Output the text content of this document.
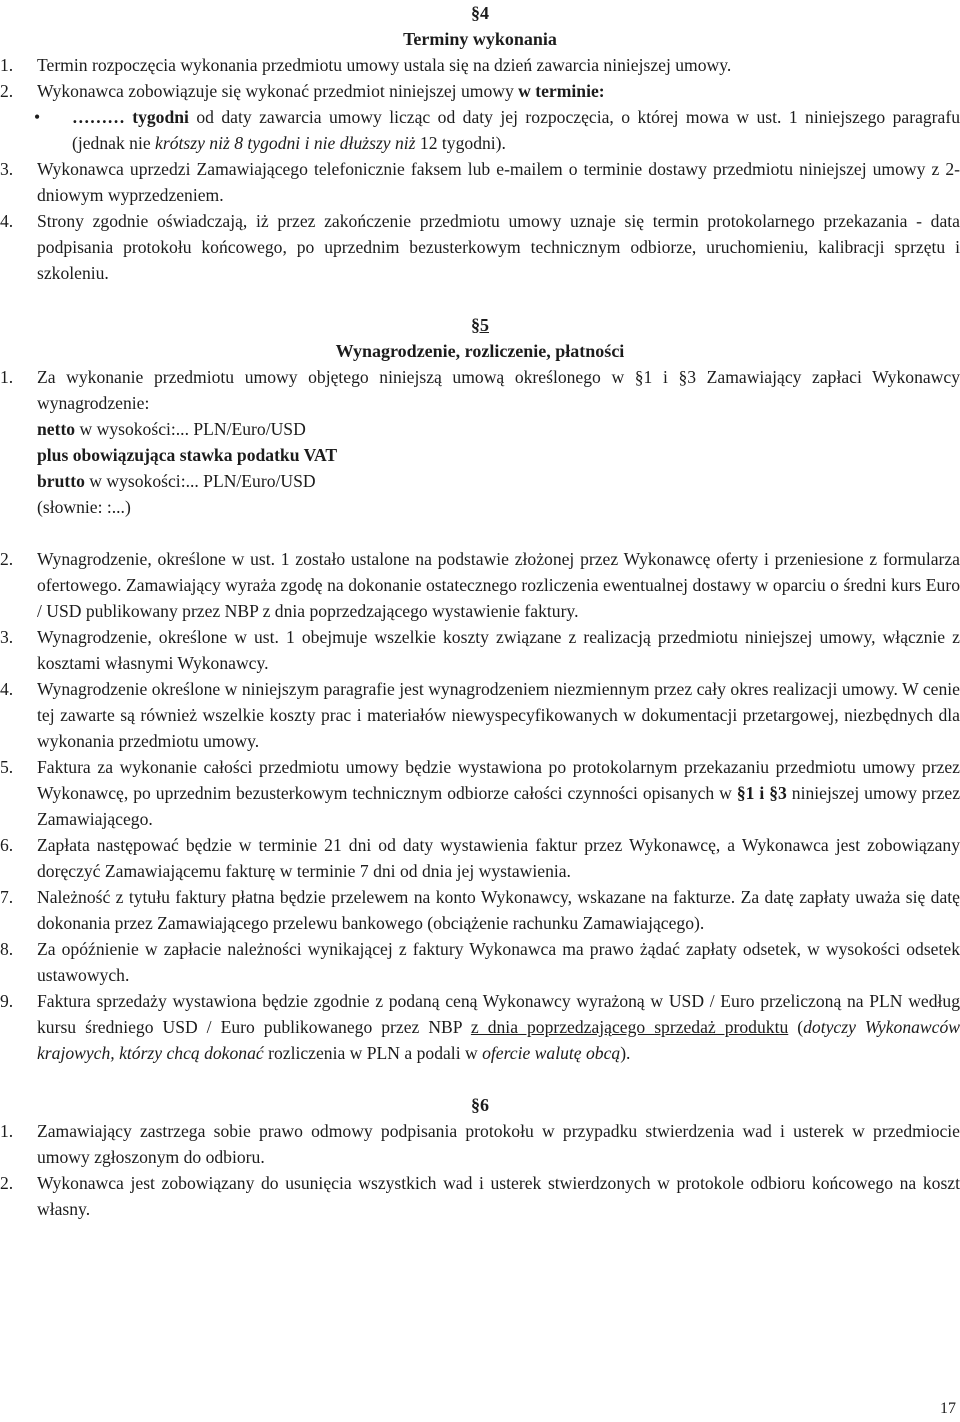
§4
Terminy wykonania
1.	Termin rozpoczęcia wykonania przedmiotu umowy ustala się na dzień zawarcia niniejszej umowy.
2.	Wykonawca zobowiązuje się wykonać przedmiot niniejszej umowy w terminie:
• ……… tygodni od daty zawarcia umowy licząc od daty jej rozpoczęcia, o której mowa w ust. 1 niniejszego paragrafu (jednak nie krótszy niż 8 tygodni i nie dłuższy niż 12 tygodni).
3.	Wykonawca uprzedzi Zamawiającego telefonicznie faksem lub e-mailem o terminie dostawy przedmiotu niniejszej umowy z 2-dniowym wyprzedzeniem.
4.	Strony zgodnie oświadczają, iż przez zakończenie przedmiotu umowy uznaje się termin protokolarnego przekazania - data podpisania protokołu końcowego, po uprzednim bezusterkowym technicznym odbiorze, uruchomieniu, kalibracji sprzętu i szkoleniu.
§5
Wynagrodzenie, rozliczenie, płatności
1.	Za wykonanie przedmiotu umowy objętego niniejszą umową określonego w §1 i §3 Zamawiający zapłaci Wykonawcy wynagrodzenie:
netto w wysokości:... PLN/Euro/USD
plus obowiązująca stawka podatku VAT
brutto w wysokości:... PLN/Euro/USD
(słownie: :...)
2.	Wynagrodzenie, określone w ust. 1 zostało ustalone na podstawie złożonej przez Wykonawcę oferty i przeniesione z formularza ofertowego. Zamawiający wyraża zgodę na dokonanie ostatecznego rozliczenia ewentualnej dostawy w oparciu o średni kurs Euro / USD publikowany przez NBP z dnia poprzedzającego wystawienie faktury.
3.	Wynagrodzenie, określone w ust. 1 obejmuje wszelkie koszty związane z realizacją przedmiotu niniejszej umowy, włącznie z kosztami własnymi Wykonawcy.
4.	Wynagrodzenie określone w niniejszym paragrafie jest wynagrodzeniem niezmiennym przez cały okres realizacji umowy. W cenie tej zawarte są również wszelkie koszty prac i materiałów niewyspecyfikowanych w dokumentacji przetargowej, niezbędnych dla wykonania przedmiotu umowy.
5.	Faktura za wykonanie całości przedmiotu umowy będzie wystawiona po protokolarnym przekazaniu przedmiotu umowy przez Wykonawcę, po uprzednim bezusterkowym technicznym odbiorze całości czynności opisanych w §1 i §3 niniejszej umowy przez Zamawiającego.
6.	Zapłata następować będzie w terminie 21 dni od daty wystawienia faktur przez Wykonawcę, a Wykonawca jest zobowiązany doręczyć Zamawiającemu fakturę w terminie 7 dni od dnia jej wystawienia.
7.	Należność z tytułu faktury płatna będzie przelewem na konto Wykonawcy, wskazane na fakturze. Za datę zapłaty uważa się datę dokonania przez Zamawiającego przelewu bankowego (obciążenie rachunku Zamawiającego).
8.	Za opóźnienie w zapłacie należności wynikającej z faktury Wykonawca ma prawo żądać zapłaty odsetek, w wysokości odsetek ustawowych.
9.	Faktura sprzedaży wystawiona będzie zgodnie z podaną ceną Wykonawcy wyrażoną w USD / Euro przeliczoną na PLN według kursu średniego USD / Euro publikowanego przez NBP z dnia poprzedzającego sprzedaż produktu (dotyczy Wykonawców krajowych, którzy chcą dokonać rozliczenia w PLN a podali w ofercie walutę obcą).
§6
1.	Zamawiający zastrzega sobie prawo odmowy podpisania protokołu w przypadku stwierdzenia wad i usterek w przedmiocie umowy zgłoszonym do odbioru.
2.	Wykonawca jest zobowiązany do usunięcia wszystkich wad i usterek stwierdzonych w protokole odbioru końcowego na koszt własny.
17
